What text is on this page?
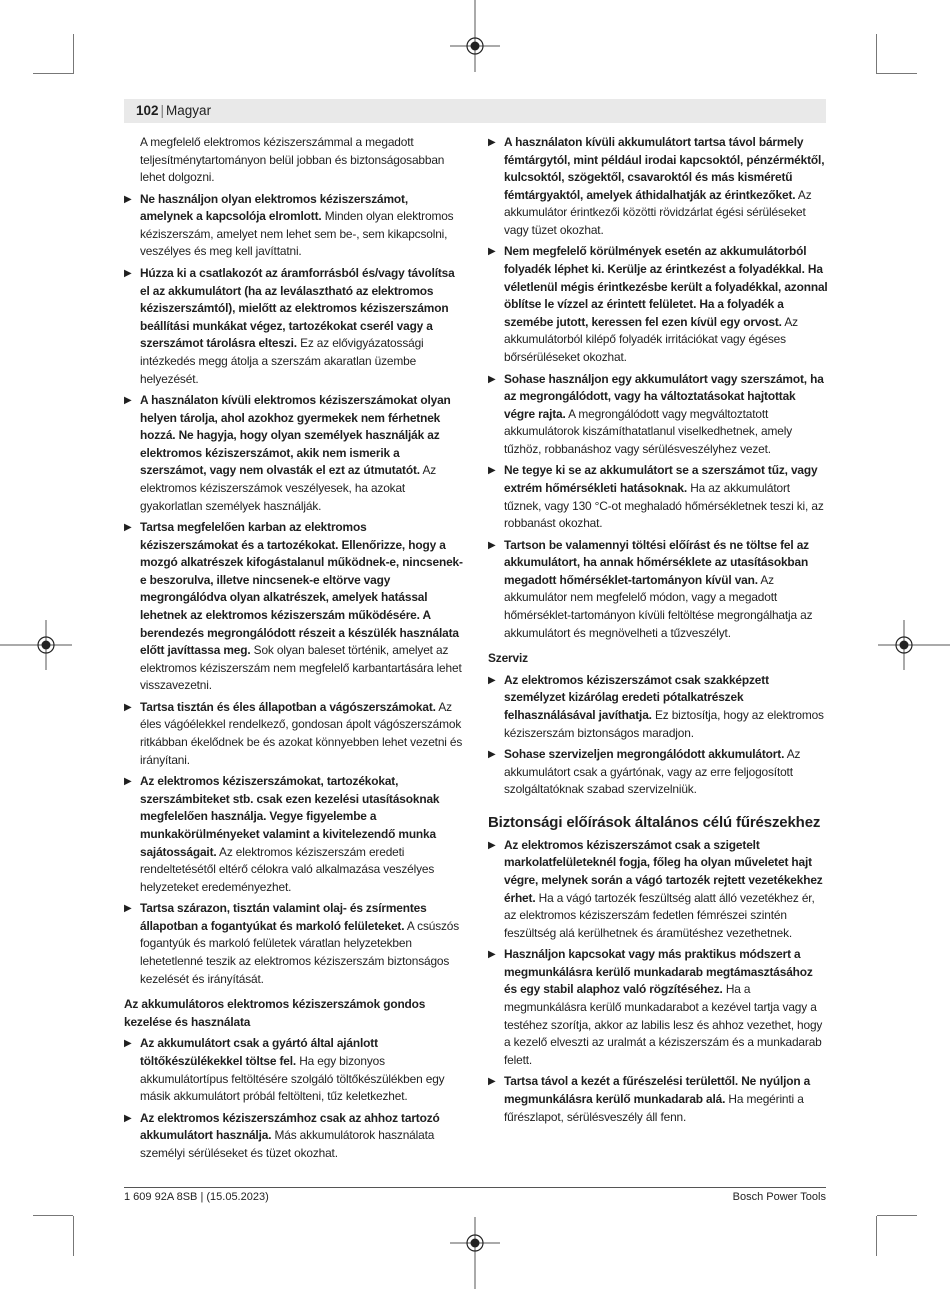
102 | Magyar
A megfelelő elektromos kéziszerszámmal a megadott teljesítménytartományon belül jobban és biztonságosabban lehet dolgozni.
▶ Ne használjon olyan elektromos kéziszerszámot, amelynek a kapcsolója elromlott. Minden olyan elektromos kéziszerszám, amelyet nem lehet sem be-, sem kikapcsolni, veszélyes és meg kell javíttatni.
▶ Húzza ki a csatlakozót az áramforrásból és/vagy távolítsa el az akkumulátort (ha az leválasztható az elektromos kéziszerszámtól), mielőtt az elektromos kéziszerszámon beállítási munkákat végez, tartozékokat cserél vagy a szerszámot tárolásra elteszi. Ez az elővigyázatossági intézkedés megg átolja a szerszám akaratlan üzembe helyezését.
▶ A használaton kívüli elektromos kéziszerszámokat olyan helyen tárolja, ahol azokhoz gyermekek nem férhetnek hozzá. Ne hagyja, hogy olyan személyek használják az elektromos kéziszerszámot, akik nem ismerik a szerszámot, vagy nem olvasták el ezt az útmutatót. Az elektromos kéziszerszámok veszélyesek, ha azokat gyakorlatlan személyek használják.
▶ Tartsa megfelelően karban az elektromos kéziszerszámokat és a tartozékokat. Ellenőrizze, hogy a mozgó alkatrészek kifogástalanul működnek-e, nincsenek-e beszorulva, illetve nincsenek-e eltörve vagy megrongálódva olyan alkatrészek, amelyek hatással lehetnek az elektromos kéziszerszám működésére. A berendezés megrongálódott részeit a készülék használata előtt javíttassa meg. Sok olyan baleset történik, amelyet az elektromos kéziszerszám nem megfelelő karbantartására lehet visszavezetni.
▶ Tartsa tisztán és éles állapotban a vágószerszámokat. Az éles vágóélekkel rendelkező, gondosan ápolt vágószerszámok ritkábban ékelődnek be és azokat könnyebben lehet vezetni és irányítani.
▶ Az elektromos kéziszerszámokat, tartozékokat, szerszámbiteket stb. csak ezen kezelési utasításoknak megfelelően használja. Vegye figyelembe a munkakörülményeket valamint a kivitelezendő munka sajátosságait. Az elektromos kéziszerszám eredeti rendeltetésétől eltérő célokra való alkalmazása veszélyes helyzeteket eredeményezhet.
▶ Tartsa szárazon, tisztán valamint olaj- és zsírmentes állapotban a fogantyúkat és markoló felületeket. A csúszós fogantyúk és markoló felületek váratlan helyzetekben lehetetlenné teszik az elektromos kéziszerszám biztonságos kezelését és irányítását.
Az akkumulátoros elektromos kéziszerszámok gondos kezelése és használata
▶ Az akkumulátort csak a gyártó által ajánlott töltőkészülékekkel töltse fel. Ha egy bizonyos akkumulátortípus feltöltésére szolgáló töltőkészülékben egy másik akkumulátort próbál feltölteni, tűz keletkezhet.
▶ Az elektromos kéziszerszámhoz csak az ahhoz tartozó akkumulátort használja. Más akkumulátorok használata személyi sérüléseket és tüzet okozhat.
▶ A használaton kívüli akkumulátort tartsa távol bármely fémtárgytól, mint például irodai kapcsoktól, pénzérméktől, kulcsoktól, szögektől, csavaroktól és más kisméretű fémtárgyaktól, amelyek áthidalhatják az érintkezőket. Az akkumulátor érintkezői közötti rövidzárlat égési sérüléseket vagy tüzet okozhat.
▶ Nem megfelelő körülmények esetén az akkumulátorból folyadék léphet ki. Kerülje az érintkezést a folyadékkal. Ha véletlenül mégis érintkezésbe került a folyadékkal, azonnal öblítse le vízzel az érintett felületet. Ha a folyadék a szemébe jutott, keressen fel ezen kívül egy orvost. Az akkumulátorból kilépő folyadék irritációkat vagy égéses bőrsérüléseket okozhat.
▶ Sohase használjon egy akkumulátort vagy szerszámot, ha az megrongálódott, vagy ha változtatásokat hajtottak végre rajta. A megrongálódott vagy megváltoztatott akkumulátorok kiszámíthatatlanul viselkedhetnek, amely tűzhöz, robbanáshoz vagy sérülésveszélyhez vezet.
▶ Ne tegye ki se az akkumulátort se a szerszámot tűz, vagy extrém hőmérsékleti hatásoknak. Ha az akkumulátort tűznek, vagy 130 °C-ot meghaladó hőmérsékletnek teszi ki, az robbanást okozhat.
▶ Tartson be valamennyi töltési előírást és ne töltse fel az akkumulátort, ha annak hőmérséklete az utasításokban megadott hőmérséklet-tartományon kívül van. Az akkumulátor nem megfelelő módon, vagy a megadott hőmérséklet-tartományon kívüli feltöltése megrongálhatja az akkumulátort és megnövelheti a tűzveszélyt.
Szerviz
▶ Az elektromos kéziszerszámot csak szakképzett személyzet kizárólag eredeti pótalkatrészek felhasználásával javíthatja. Ez biztosítja, hogy az elektromos kéziszerszám biztonságos maradjon.
▶ Sohase szervizeljen megrongálódott akkumulátort. Az akkumulátort csak a gyártónak, vagy az erre feljogosított szolgáltatóknak szabad szervizelniük.
Biztonsági előírások általános célú fűrészekhez
▶ Az elektromos kéziszerszámot csak a szigetelt markolatfelületeknél fogja, főleg ha olyan műveletet hajt végre, melynek során a vágó tartozék rejtett vezetékekhez érhet. Ha a vágó tartozék feszültség alatt álló vezetékhez ér, az elektromos kéziszerszám fedetlen fémrészei szintén feszültség alá kerülhetnek és áramütéshez vezethetnek.
▶ Használjon kapcsokat vagy más praktikus módszert a megmunkálásra kerülő munkadarab megtámasztásához és egy stabil alaphoz való rögzítéséhez. Ha a megmunkálásra kerülő munkadarabot a kezével tartja vagy a testéhez szorítja, akkor az labilis lesz és ahhoz vezethet, hogy a kezelő elveszti az uralmát a kéziszerszám és a munkadarab felett.
▶ Tartsa távol a kezét a fűrészelési területtől. Ne nyúljon a megmunkálásra kerülő munkadarab alá. Ha megérinti a fűrészlapot, sérülésveszély áll fenn.
1 609 92A 8SB | (15.05.2023)	Bosch Power Tools
